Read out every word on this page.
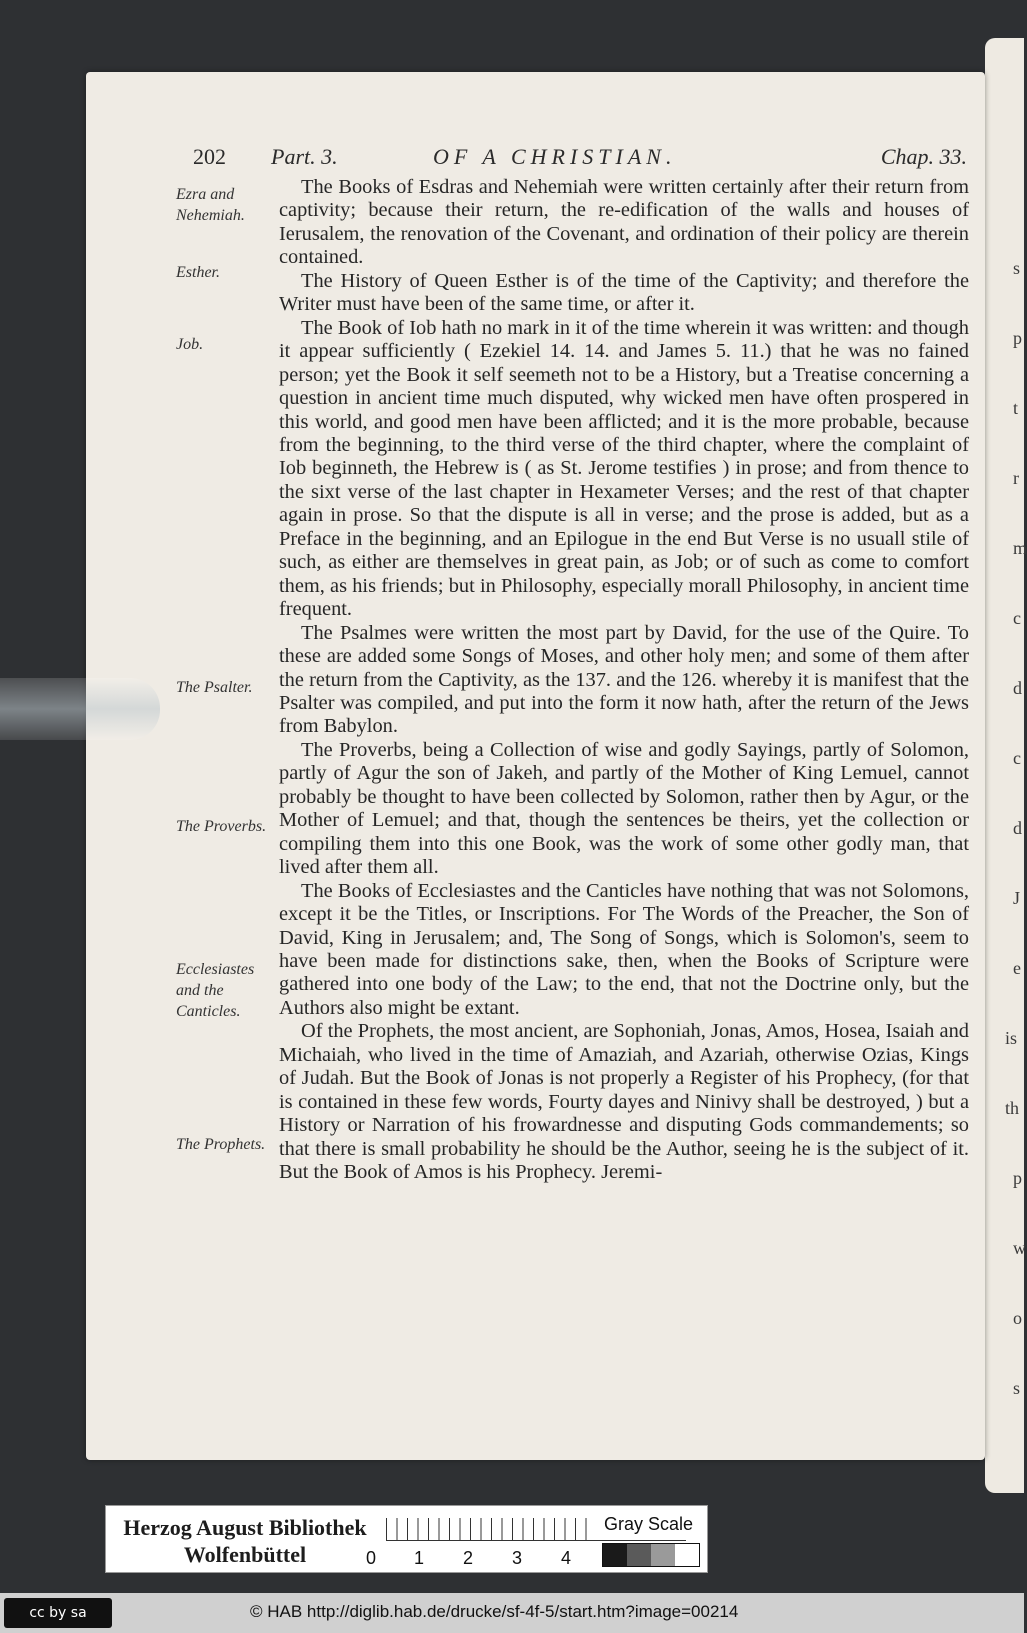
s
p
t
r
m
c
d
c
d
J
e
is
th
p
w
o
s
202 Part. 3.	OF A CHRISTIAN.	Chap. 33.
Ezra and Nehemiah.
Esther.
Job.
The Psalter.
The Proverbs.
Ecclesiastes and the Canticles.
The Prophets.

The Books of Esdras and Nehemiah were written certainly after their return from captivity; because their return, the re-edification of the walls and houses of Ierusalem, the renovation of the Covenant, and ordination of their policy are therein contained.

The History of Queen Esther is of the time of the Captivity; and therefore the Writer must have been of the same time, or after it.

The Book of Iob hath no mark in it of the time wherein it was written: and though it appear sufficiently ( Ezekiel 14. 14. and James 5. 11.) that he was no fained person; yet the Book it self seemeth not to be a History, but a Treatise concerning a question in ancient time much disputed, why wicked men have often prospered in this world, and good men have been afflicted; and it is the more probable, because from the beginning, to the third verse of the third chapter, where the complaint of Iob beginneth, the Hebrew is ( as St. Jerome testifies ) in prose; and from thence to the sixt verse of the last chapter in Hexameter Verses; and the rest of that chapter again in prose. So that the dispute is all in verse; and the prose is added, but as a Preface in the beginning, and an Epilogue in the end But Verse is no usuall stile of such, as either are themselves in great pain, as Job; or of such as come to comfort them, as his friends; but in Philosophy, especially morall Philosophy, in ancient time frequent.

The Psalmes were written the most part by David, for the use of the Quire. To these are added some Songs of Moses, and other holy men; and some of them after the return from the Captivity, as the 137. and the 126. whereby it is manifest that the Psalter was compiled, and put into the form it now hath, after the return of the Jews from Babylon.

The Proverbs, being a Collection of wise and godly Sayings, partly of Solomon, partly of Agur the son of Jakeh, and partly of the Mother of King Lemuel, cannot probably be thought to have been collected by Solomon, rather then by Agur, or the Mother of Lemuel; and that, though the sentences be theirs, yet the collection or compiling them into this one Book, was the work of some other godly man, that lived after them all.

The Books of Ecclesiastes and the Canticles have nothing that was not Solomons, except it be the Titles, or Inscriptions. For The Words of the Preacher, the Son of David, King in Jerusalem; and, The Song of Songs, which is Solomon's, seem to have been made for distinctions sake, then, when the Books of Scripture were gathered into one body of the Law; to the end, that not the Doctrine only, but the Authors also might be extant.

Of the Prophets, the most ancient, are Sophoniah, Jonas, Amos, Hosea, Isaiah and Michaiah, who lived in the time of Amaziah, and Azariah, otherwise Ozias, Kings of Judah. But the Book of Jonas is not properly a Register of his Prophecy, (for that is contained in these few words, Fourty dayes and Ninivy shall be destroyed, ) but a History or Narration of his frowardnesse and disputing Gods commandements; so that there is small probability he should be the Author, seeing he is the subject of it. But the Book of Amos is his Prophecy. Jeremi-

Herzog August Bibliothek
Wolfenbüttel	0 1 2 3 4
Gray Scale
cc by sa	© HAB http://diglib.hab.de/drucke/sf-4f-5/start.htm?image=00214
